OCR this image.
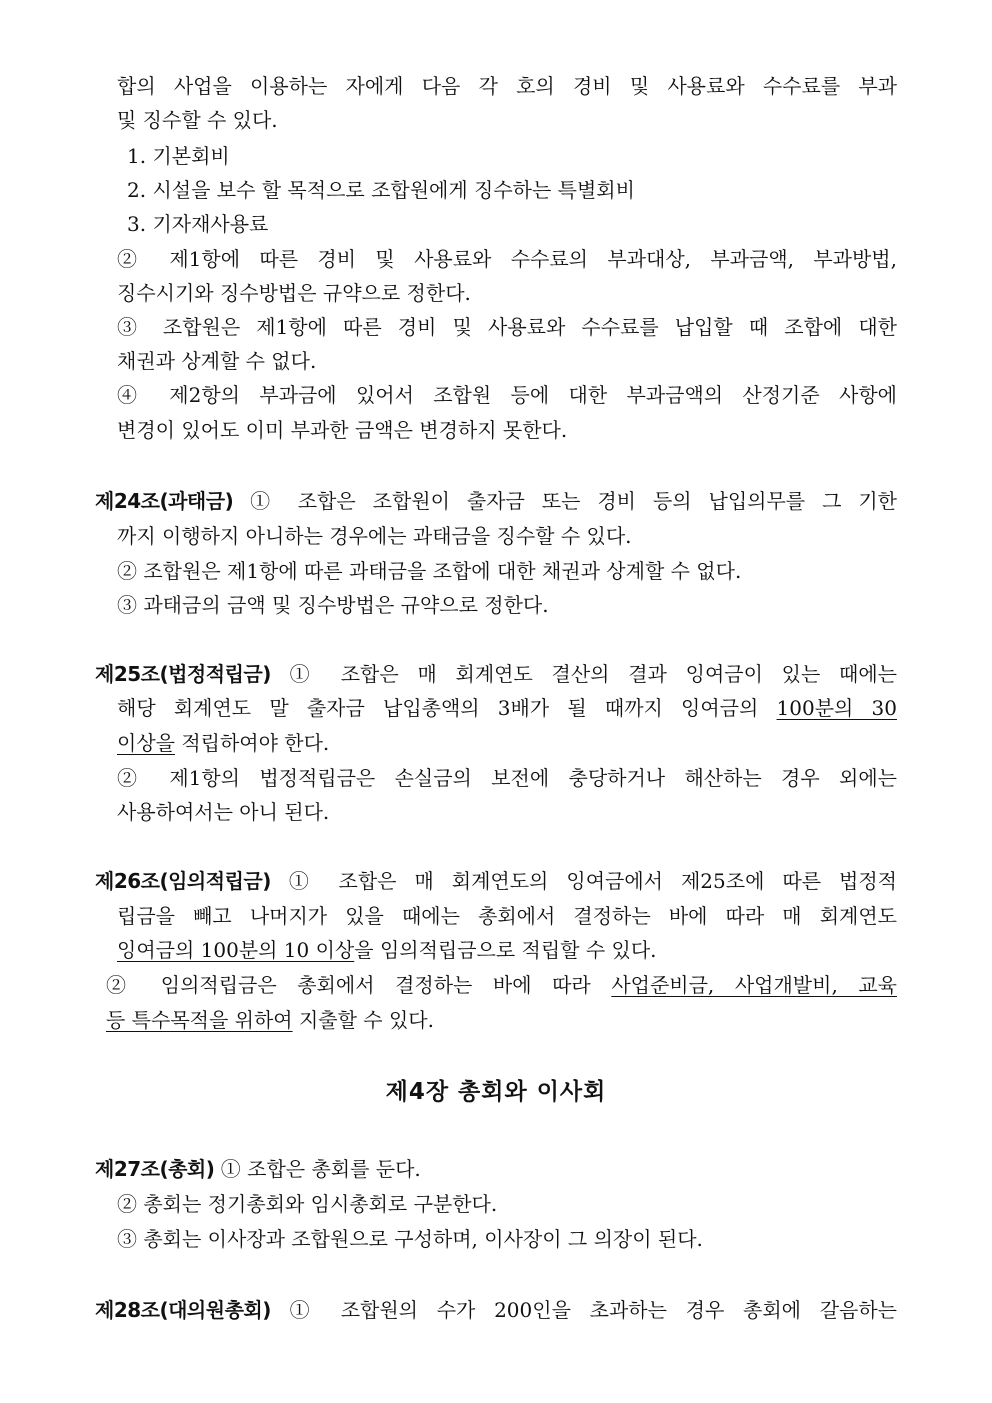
합의 사업을 이용하는 자에게 다음 각 호의 경비 및 사용료와 수수료를 부과
및 징수할 수 있다.
1. 기본회비
2. 시설을 보수 할 목적으로 조합원에게 징수하는 특별회비
3. 기자재사용료
② 제1항에 따른 경비 및 사용료와 수수료의 부과대상, 부과금액, 부과방법,
징수시기와 징수방법은 규약으로 정한다.
③ 조합원은 제1항에 따른 경비 및 사용료와 수수료를 납입할 때 조합에 대한
채권과 상계할 수 없다.
④ 제2항의 부과금에 있어서 조합원 등에 대한 부과금액의 산정기준 사항에
변경이 있어도 이미 부과한 금액은 변경하지 못한다.
제24조(과태금) ① 조합은 조합원이 출자금 또는 경비 등의 납입의무를 그 기한
까지 이행하지 아니하는 경우에는 과태금을 징수할 수 있다.
② 조합원은 제1항에 따른 과태금을 조합에 대한 채권과 상계할 수 없다.
③ 과태금의 금액 및 징수방법은 규약으로 정한다.
제25조(법정적립금) ① 조합은 매 회계연도 결산의 결과 잉여금이 있는 때에는
해당 회계연도 말 출자금 납입총액의 3배가 될 때까지 잉여금의 100분의 30
이상을 적립하여야 한다.
② 제1항의 법정적립금은 손실금의 보전에 충당하거나 해산하는 경우 외에는
사용하여서는 아니 된다.
제26조(임의적립금) ① 조합은 매 회계연도의 잉여금에서 제25조에 따른 법정적
립금을 빼고 나머지가 있을 때에는 총회에서 결정하는 바에 따라 매 회계연도
잉여금의 100분의 10 이상을 임의적립금으로 적립할 수 있다.
② 임의적립금은 총회에서 결정하는 바에 따라 사업준비금, 사업개발비, 교육
등 특수목적을 위하여 지출할 수 있다.
제4장 총회와 이사회
제27조(총회) ① 조합은 총회를 둔다.
② 총회는 정기총회와 임시총회로 구분한다.
③ 총회는 이사장과 조합원으로 구성하며, 이사장이 그 의장이 된다.
제28조(대의원총회) ① 조합원의 수가 200인을 초과하는 경우 총회에 갈음하는
